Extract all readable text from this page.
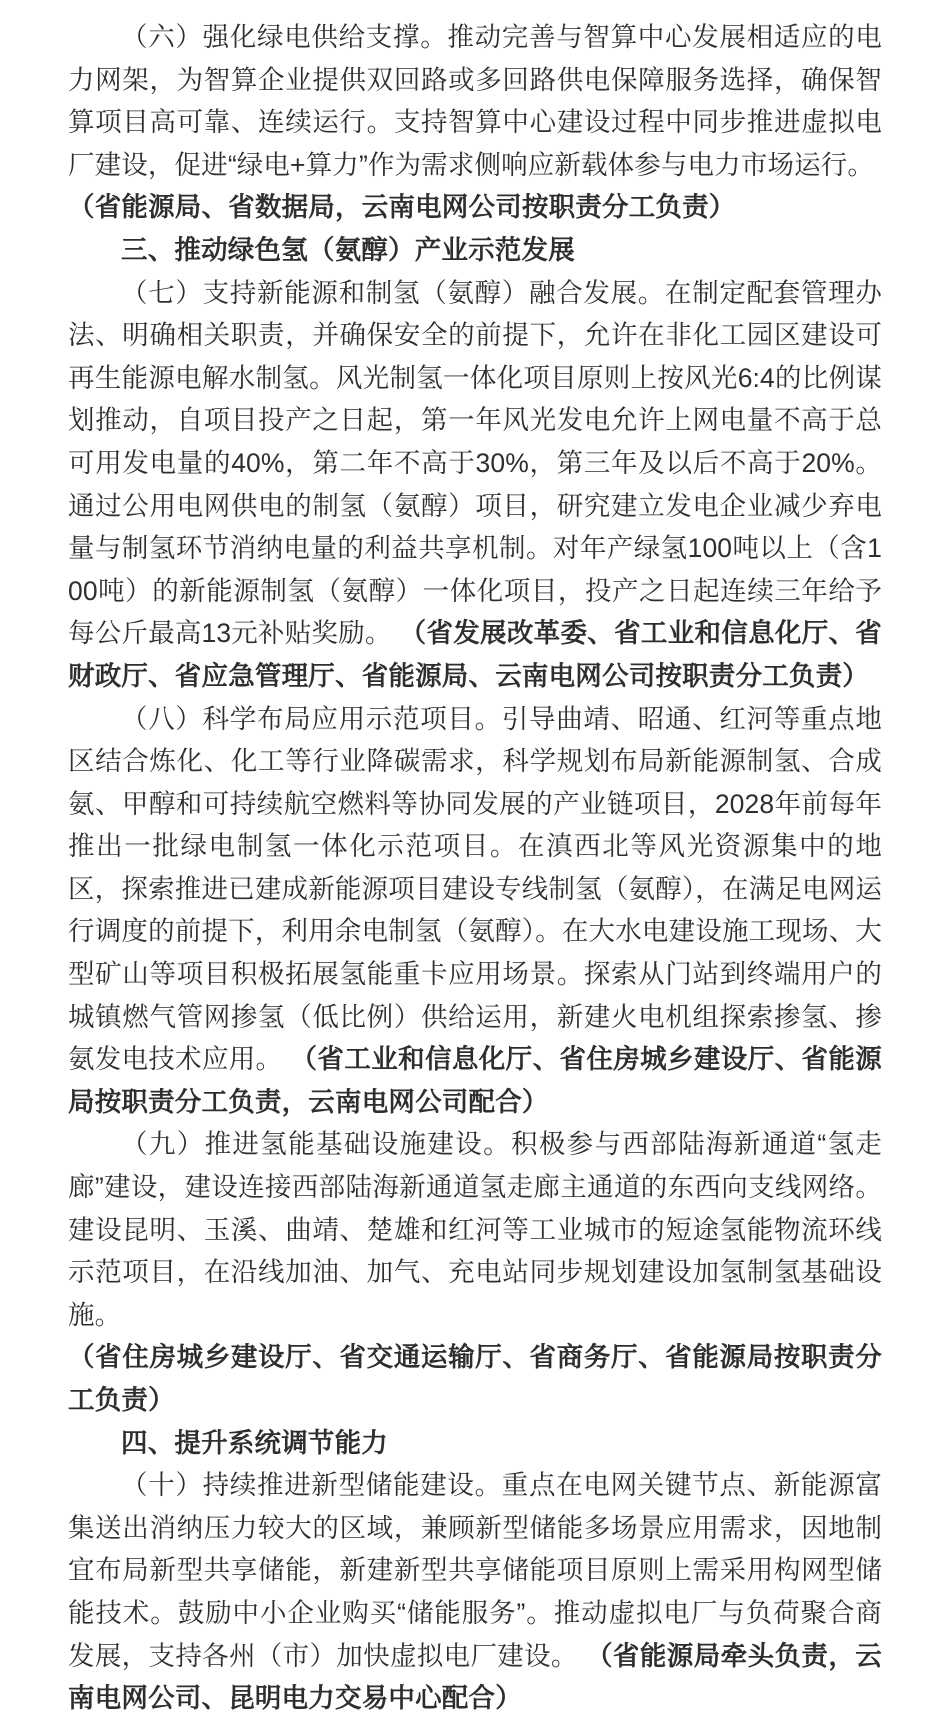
（六）强化绿电供给支撑。推动完善与智算中心发展相适应的电力网架，为智算企业提供双回路或多回路供电保障服务选择，确保智算项目高可靠、连续运行。支持智算中心建设过程中同步推进虚拟电厂建设，促进“绿电+算力”作为需求侧响应新载体参与电力市场运行。（省能源局、省数据局，云南电网公司按职责分工负责）

三、推动绿色氢（氨醇）产业示范发展

（七）支持新能源和制氢（氨醇）融合发展。在制定配套管理办法、明确相关职责，并确保安全的前提下，允许在非化工园区建设可再生能源电解水制氢。风光制氢一体化项目原则上按风光6:4的比例谋划推动，自项目投产之日起，第一年风光发电允许上网电量不高于总可用发电量的40%，第二年不高于30%，第三年及以后不高于20%。通过公用电网供电的制氢（氨醇）项目，研究建立发电企业减少弃电量与制氢环节消纳电量的利益共享机制。对年产绿氢100吨以上（含100吨）的新能源制氢（氨醇）一体化项目，投产之日起连续三年给予每公斤最高13元补贴奖励。 （省发展改革委、省工业和信息化厅、省财政厅、省应急管理厅、省能源局、云南电网公司按职责分工负责）

（八）科学布局应用示范项目。引导曲靖、昭通、红河等重点地区结合炼化、化工等行业降碳需求，科学规划布局新能源制氢、合成氨、甲醇和可持续航空燃料等协同发展的产业链项目，2028年前每年推出一批绿电制氢一体化示范项目。在滇西北等风光资源集中的地区，探索推进已建成新能源项目建设专线制氢（氨醇），在满足电网运行调度的前提下，利用余电制氢（氨醇）。在大水电建设施工现场、大型矿山等项目积极拓展氢能重卡应用场景。探索从门站到终端用户的城镇燃气管网掺氢（低比例）供给运用，新建火电机组探索掺氢、掺氨发电技术应用。 （省工业和信息化厅、省住房城乡建设厅、省能源局按职责分工负责，云南电网公司配合）

（九）推进氢能基础设施建设。积极参与西部陆海新通道“氢走廊”建设，建设连接西部陆海新通道氢走廊主通道的东西向支线网络。建设昆明、玉溪、曲靖、楚雄和红河等工业城市的短途氢能物流环线示范项目，在沿线加油、加气、充电站同步规划建设加氢制氢基础设施。

（省住房城乡建设厅、省交通运输厅、省商务厅、省能源局按职责分工负责）

四、提升系统调节能力

（十）持续推进新型储能建设。重点在电网关键节点、新能源富集送出消纳压力较大的区域，兼顾新型储能多场景应用需求，因地制宜布局新型共享储能，新建新型共享储能项目原则上需采用构网型储能技术。鼓励中小企业购买“储能服务”。推动虚拟电厂与负荷聚合商发展，支持各州（市）加快虚拟电厂建设。 （省能源局牵头负责，云南电网公司、昆明电力交易中心配合）
